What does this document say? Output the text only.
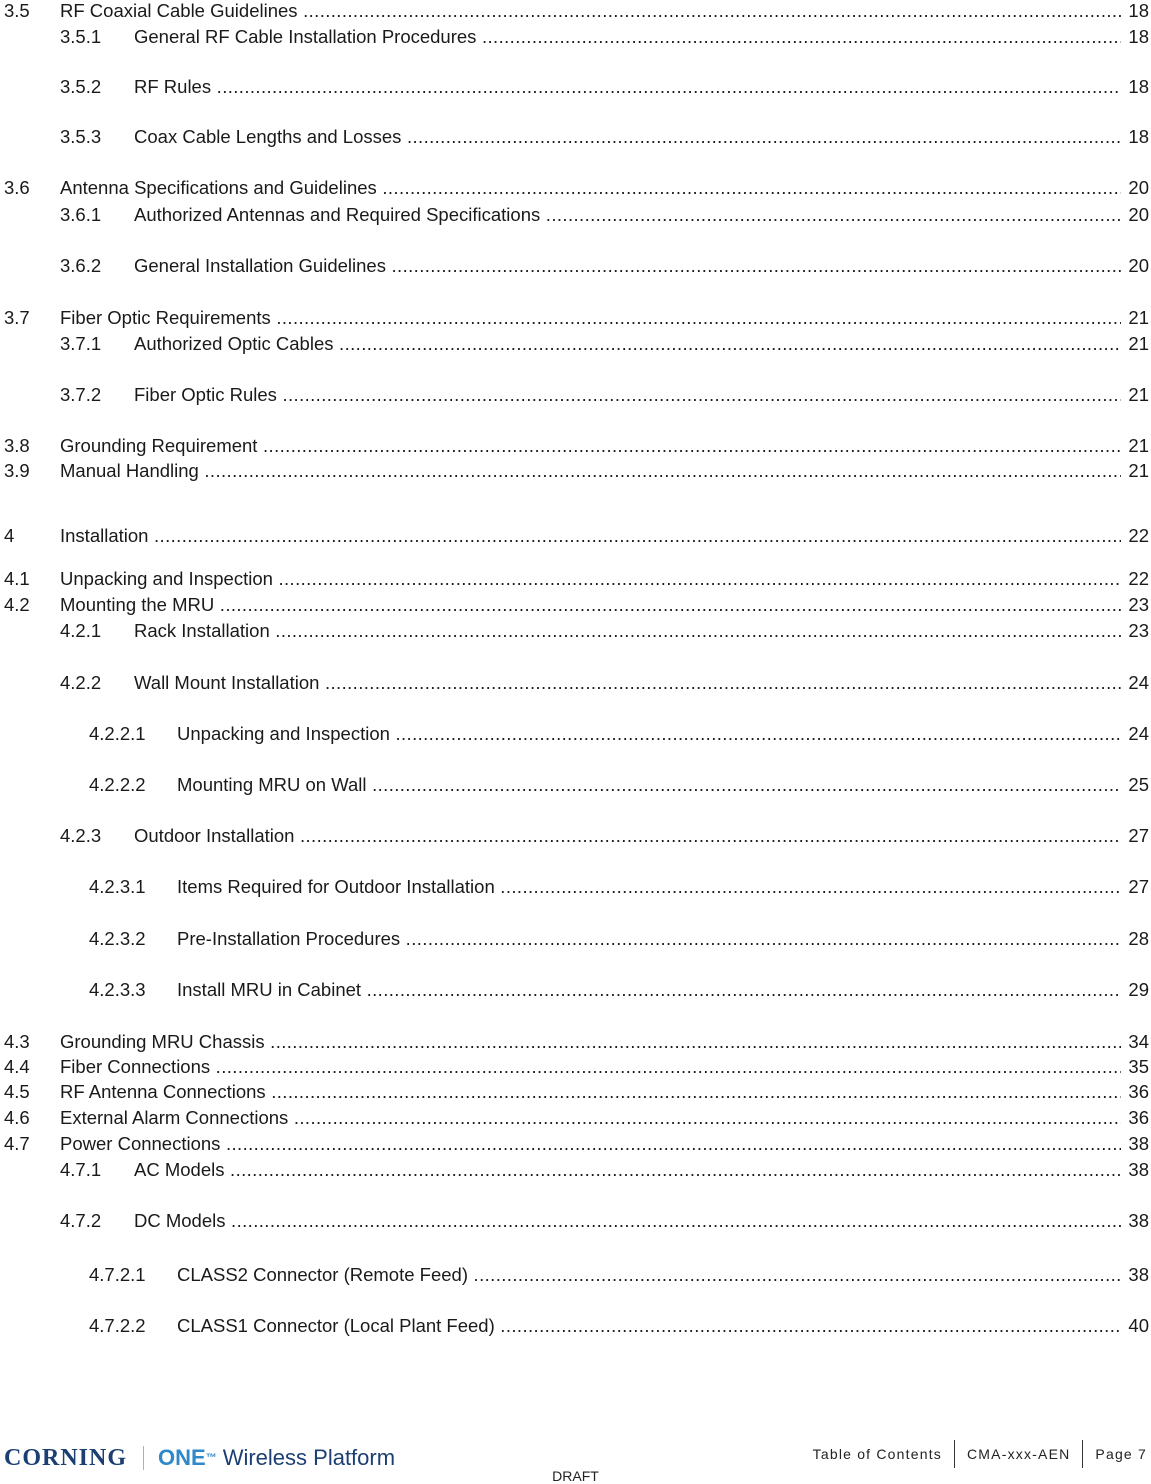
3.5 RF Coaxial Cable Guidelines .....	18
3.5.1 General RF Cable Installation Procedures .....	18
3.5.2 RF Rules .....	18
3.5.3 Coax Cable Lengths and Losses .....	18
3.6 Antenna Specifications and Guidelines .....	20
3.6.1 Authorized Antennas and Required Specifications .....	20
3.6.2 General Installation Guidelines .....	20
3.7 Fiber Optic Requirements .....	21
3.7.1 Authorized Optic Cables .....	21
3.7.2 Fiber Optic Rules .....	21
3.8 Grounding Requirement .....	21
3.9 Manual Handling .....	21
4 Installation .....	22
4.1 Unpacking and Inspection .....	22
4.2 Mounting the MRU .....	23
4.2.1 Rack Installation .....	23
4.2.2 Wall Mount Installation .....	24
4.2.2.1 Unpacking and Inspection .....	24
4.2.2.2 Mounting MRU on Wall .....	25
4.2.3 Outdoor Installation .....	27
4.2.3.1 Items Required for Outdoor Installation .....	27
4.2.3.2 Pre-Installation Procedures .....	28
4.2.3.3 Install MRU in Cabinet .....	29
4.3 Grounding MRU Chassis .....	34
4.4 Fiber Connections .....	35
4.5 RF Antenna Connections .....	36
4.6 External Alarm Connections .....	36
4.7 Power Connections .....	38
4.7.1 AC Models .....	38
4.7.2 DC Models .....	38
4.7.2.1 CLASS2 Connector (Remote Feed) .....	38
4.7.2.2 CLASS1 Connector (Local Plant Feed) .....	40
CORNING ONE ™ Wireless Platform	Table of Contents CMA-xxx-AEN Page 7
DRAFT
